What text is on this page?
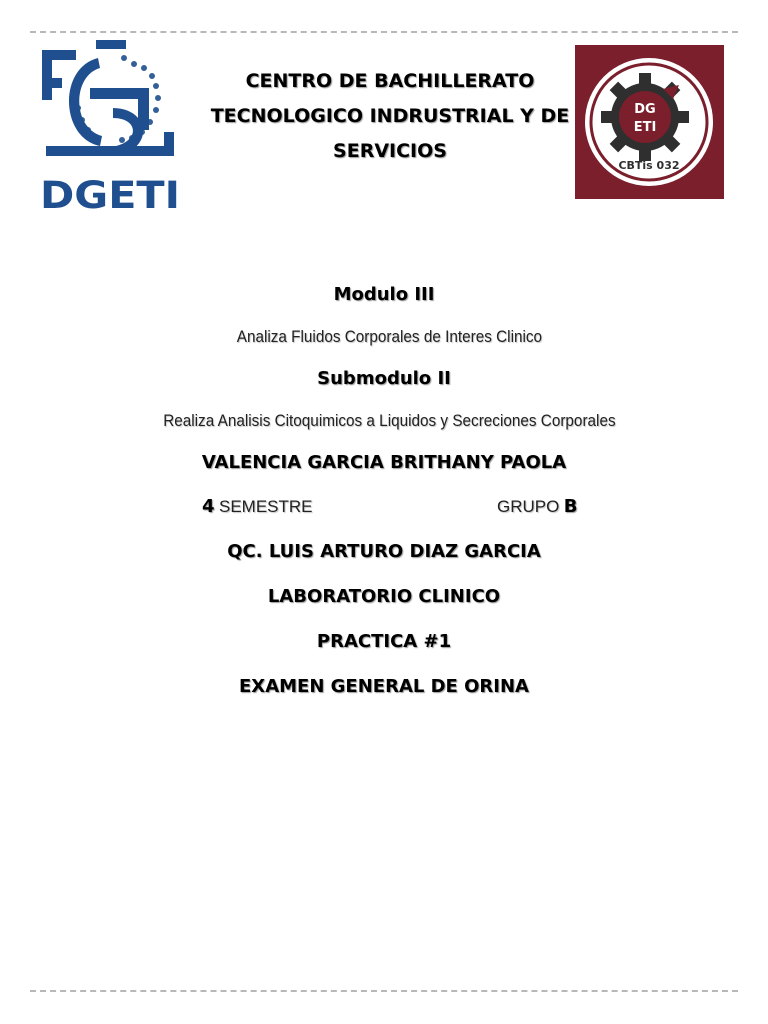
DGETI
CENTRO DE BACHILLERATO
TECNOLOGICO INDRUSTRIAL Y DE
SERVICIOS
DG
ETI
CBTis 032
Modulo III
Analiza Fluidos Corporales de Interes Clinico
Submodulo II
Realiza Analisis Citoquimicos a Liquidos y Secreciones Corporales
VALENCIA GARCIA BRITHANY PAOLA
4 SEMESTRE	GRUPO B
QC. LUIS ARTURO DIAZ GARCIA
LABORATORIO CLINICO
PRACTICA #1
EXAMEN GENERAL DE ORINA
